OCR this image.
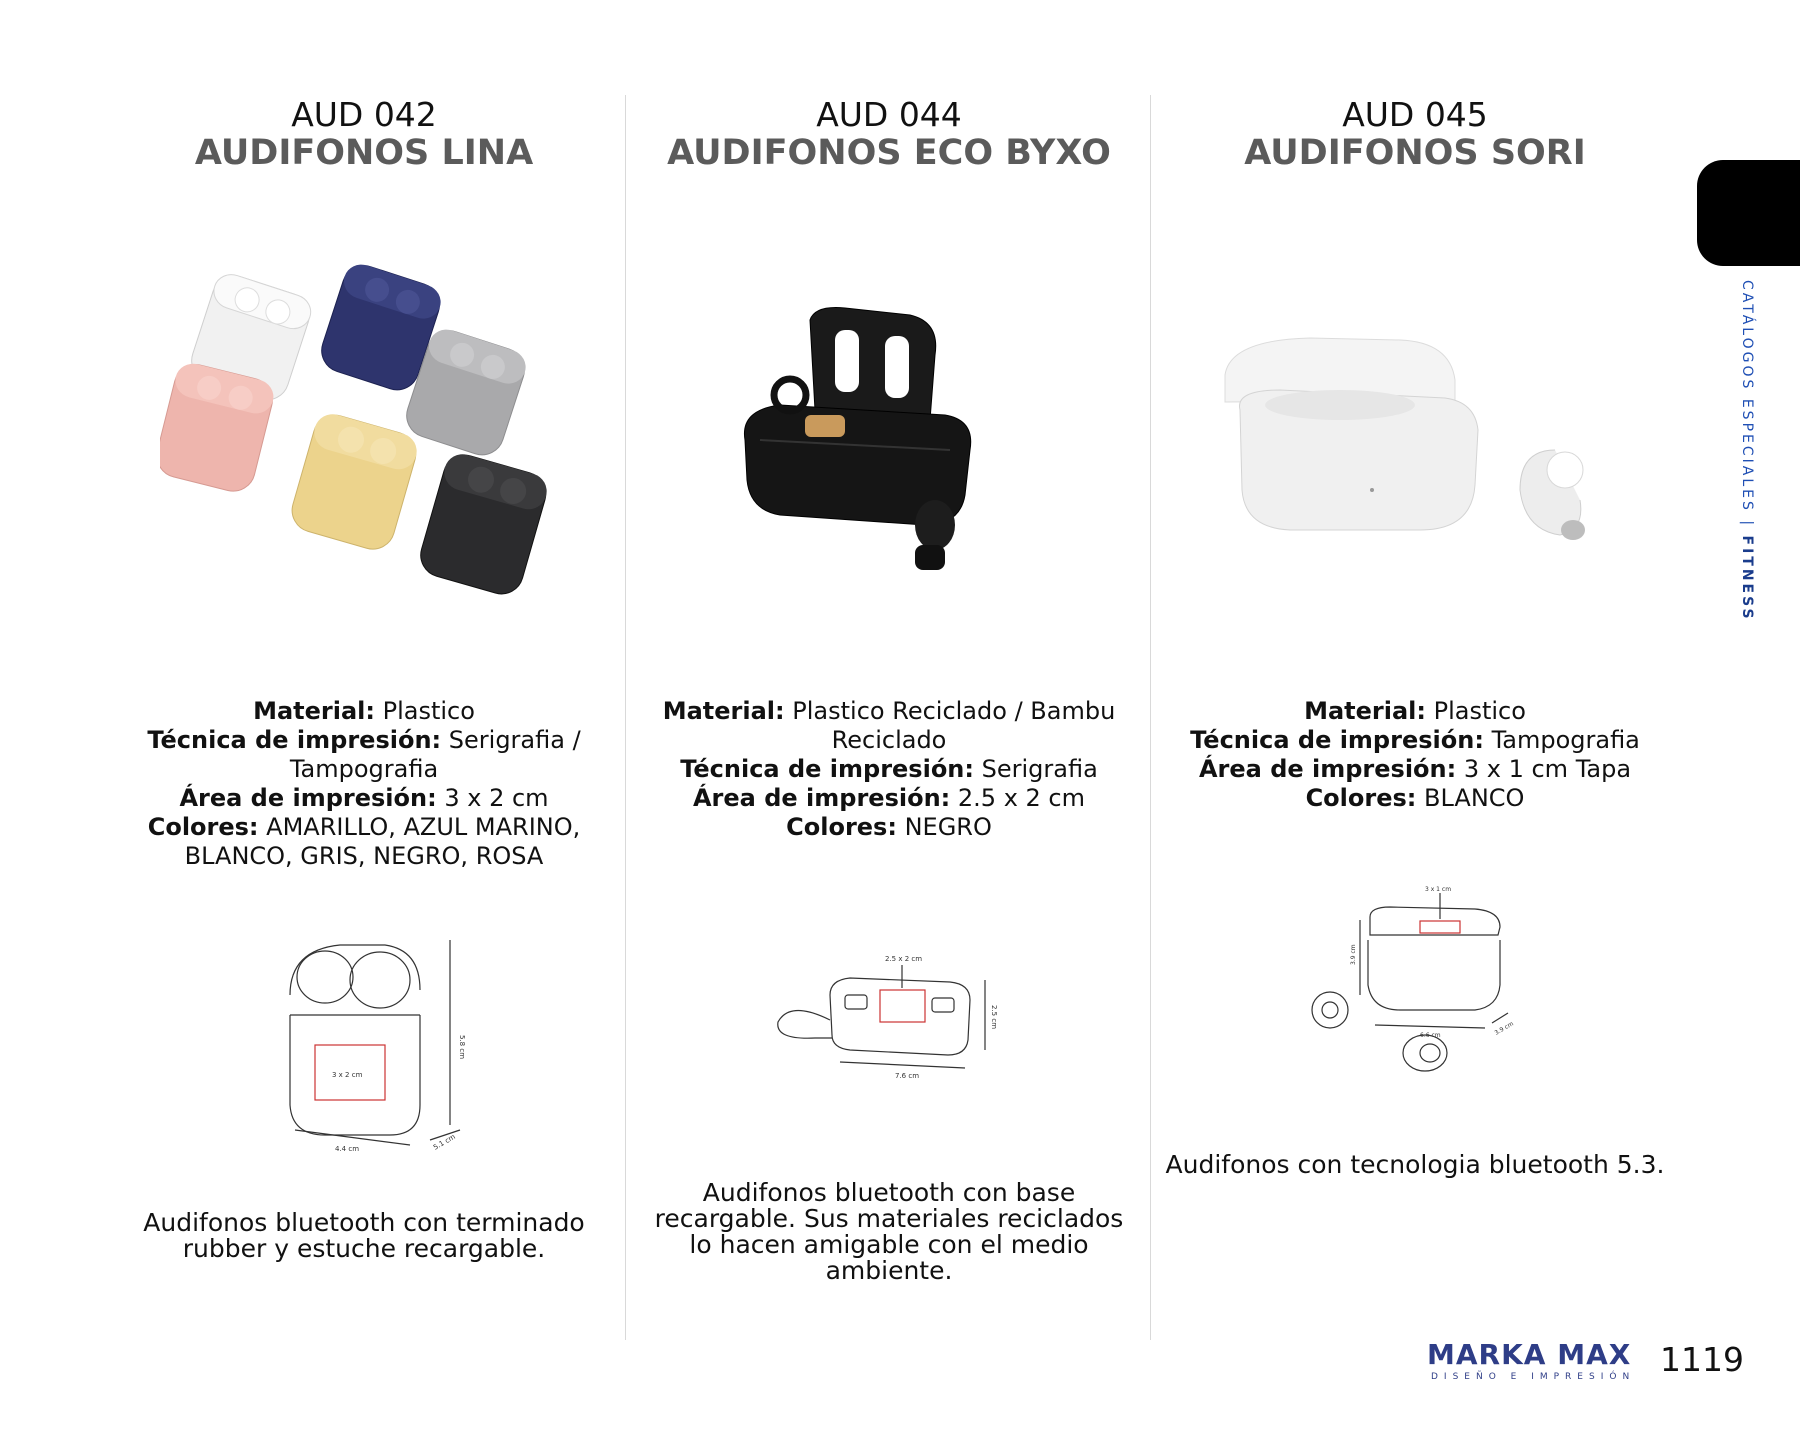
AUD 042
AUDIFONOS LINA
Material: Plastico
Técnica de impresión: Serigrafia / Tampografia
Área de impresión: 3 x 2 cm
Colores: AMARILLO, AZUL MARINO, BLANCO, GRIS, NEGRO, ROSA
3 x 2 cm
5.8 cm
4.4 cm	5.1 cm
Audifonos bluetooth con terminado rubber y estuche recargable.
AUD 044
AUDIFONOS ECO BYXO
Material: Plastico Reciclado / Bambu Reciclado
Técnica de impresión: Serigrafia
Área de impresión: 2.5 x 2 cm
Colores: NEGRO
2.5 x 2 cm
2.5 cm
7.6 cm
Audifonos bluetooth con base recargable. Sus materiales reciclados lo hacen amigable con el medio ambiente.
AUD 045
AUDIFONOS SORI
Material: Plastico
Técnica de impresión: Tampografia
Área de impresión: 3 x 1 cm Tapa
Colores: BLANCO
3 x 1 cm
3.9 cm
6.6 cm	3.9 cm
Audifonos con tecnologia bluetooth 5.3.
CATÁLOGOS ESPECIALES | FITNESS
MARKA MAX
DISEÑO E IMPRESIÓN 1119
